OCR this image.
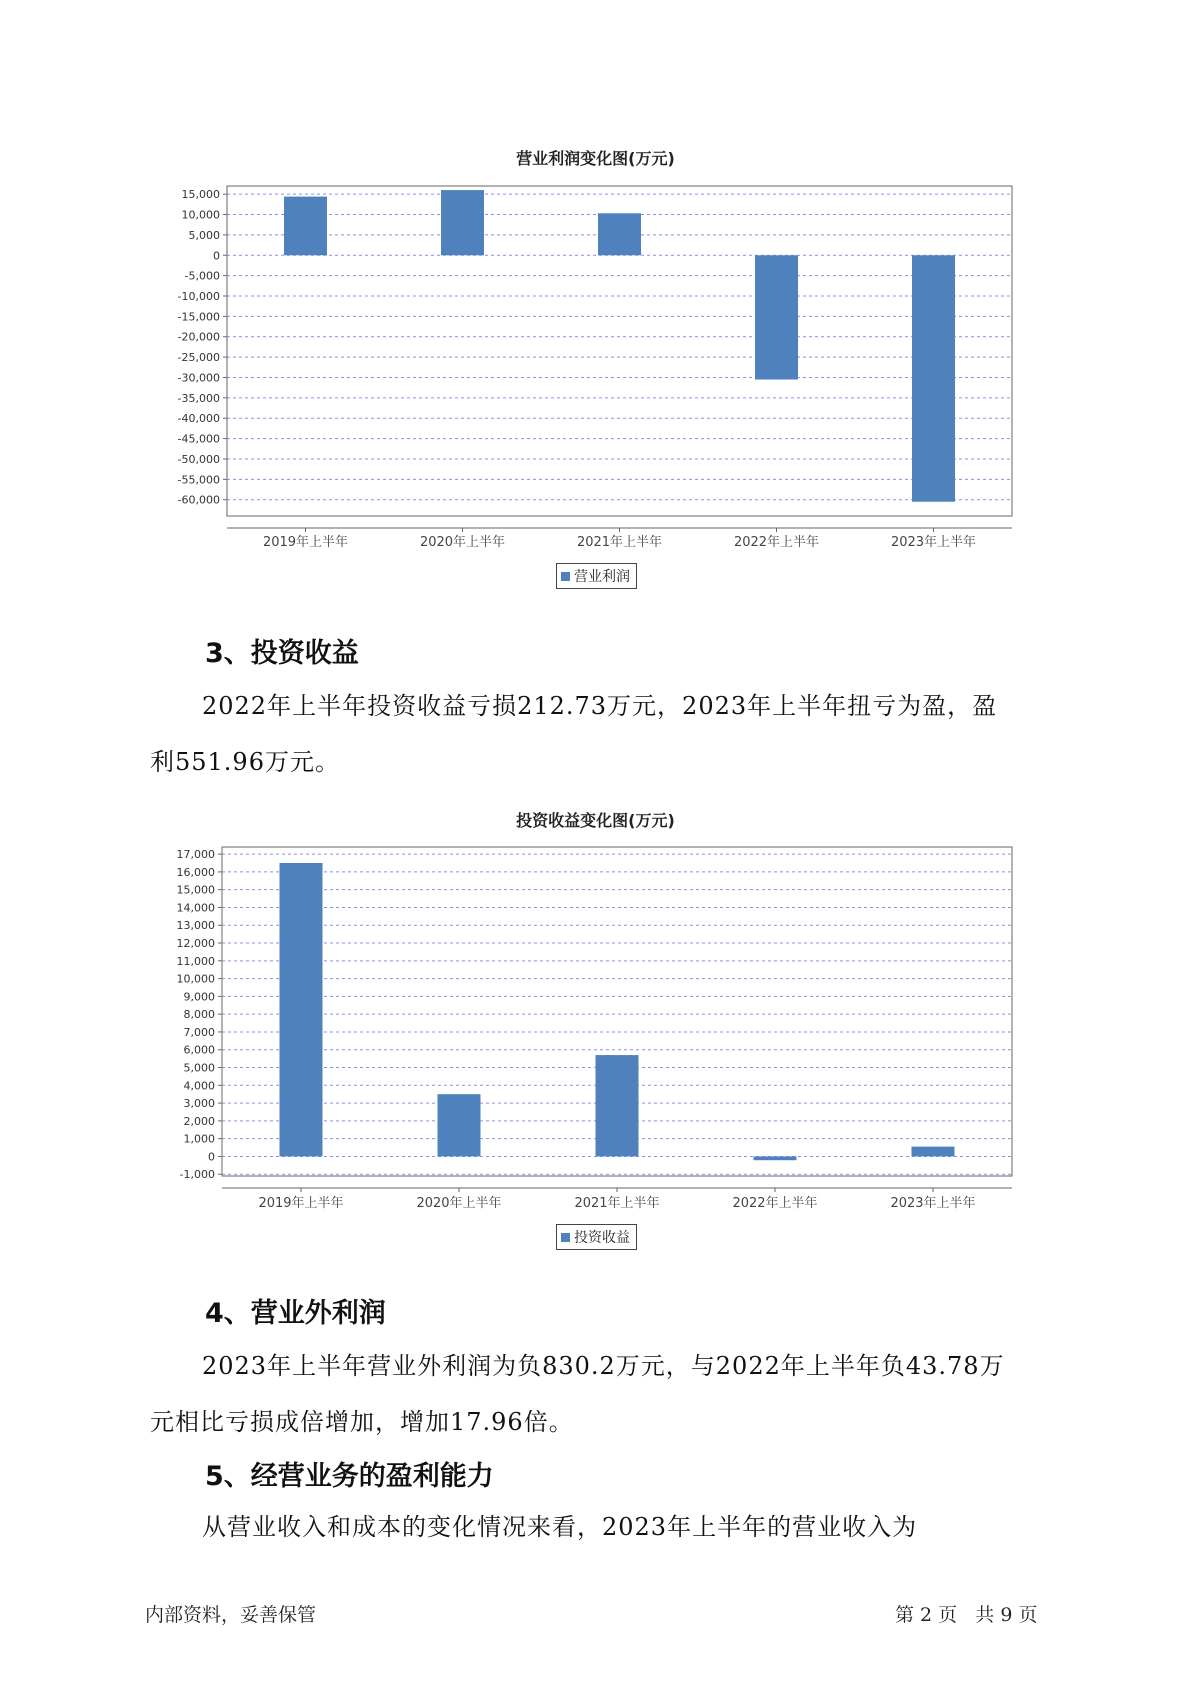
营业利润变化图(万元)
15,000
10,000
5,000
0
-5,000
-10,000
-15,000
-20,000
-25,000
-30,000
-35,000
-40,000
-45,000
-50,000
-55,000
-60,000
2019年上半年	2020年上半年	2021年上半年	2022年上半年	2023年上半年
营业利润
3、投资收益

2022年上半年投资收益亏损212.73万元，2023年上半年扭亏为盈，盈
利551.96万元。

投资收益变化图(万元)
17,000
16,000
15,000
14,000
13,000
12,000
11,000
10,000
9,000
8,000
7,000
6,000
5,000
4,000
3,000
2,000
1,000
0
-1,000
2019年上半年	2020年上半年	2021年上半年	2022年上半年	2023年上半年
投资收益
4、营业外利润

2023年上半年营业外利润为负830.2万元，与2022年上半年负43.78万
元相比亏损成倍增加，增加17.96倍。

5、经营业务的盈利能力

从营业收入和成本的变化情况来看，2023年上半年的营业收入为

内部资料，妥善保管	第 2 页   共 9 页
